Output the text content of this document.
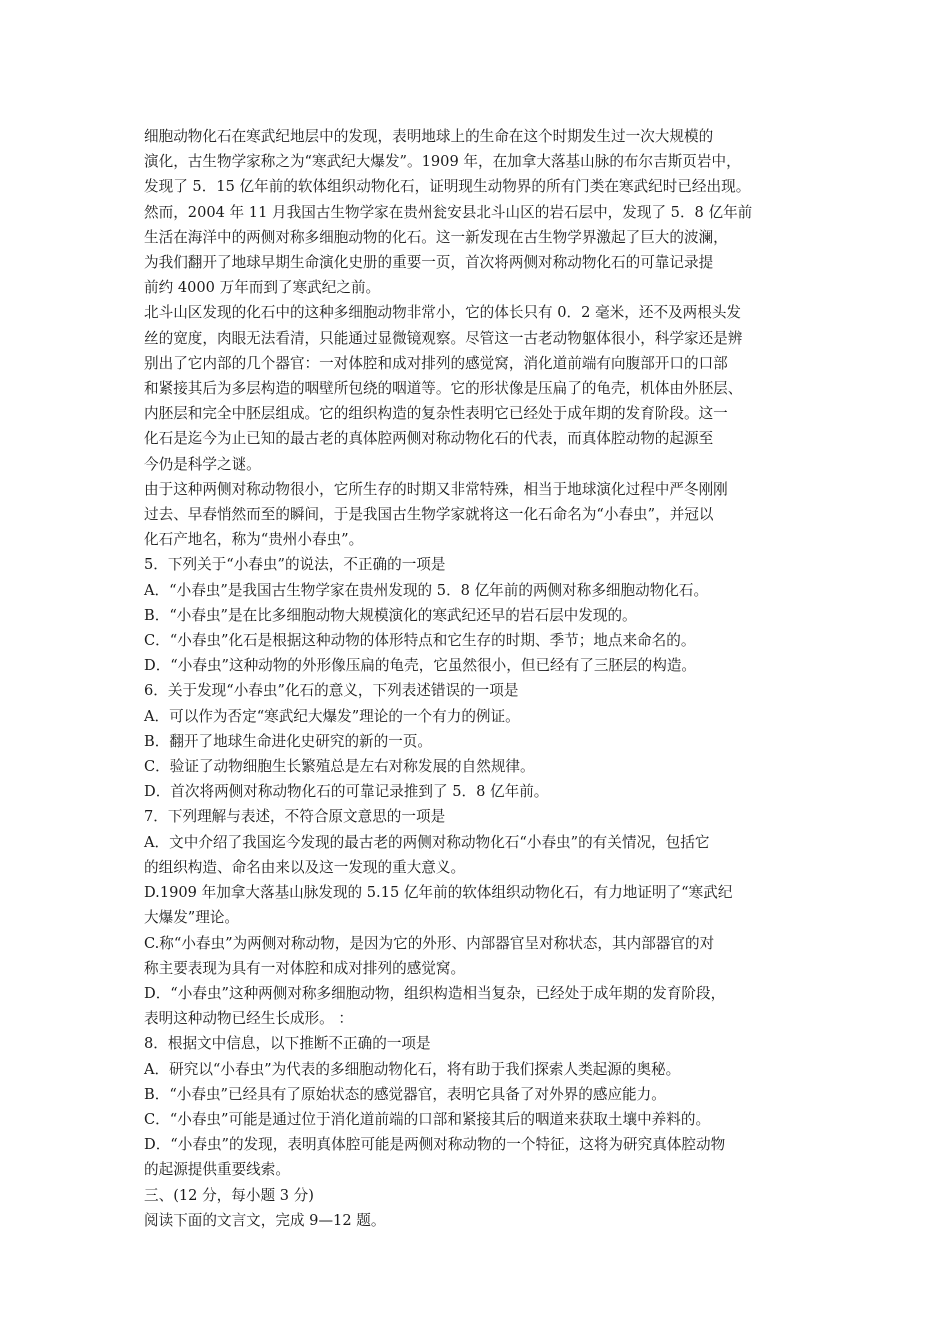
细胞动物化石在寒武纪地层中的发现，表明地球上的生命在这个时期发生过一次大规模的
演化，古生物学家称之为“寒武纪大爆发”。1909 年，在加拿大落基山脉的布尔吉斯页岩中，
发现了 5．15 亿年前的软体组织动物化石，证明现生动物界的所有门类在寒武纪时已经出现。
然而，2004 年 11 月我国古生物学家在贵州瓮安县北斗山区的岩石层中，发现了 5．8 亿年前
生活在海洋中的两侧对称多细胞动物的化石。这一新发现在古生物学界激起了巨大的波澜，
为我们翻开了地球早期生命演化史册的重要一页，首次将两侧对称动物化石的可靠记录提
前约 4000 万年而到了寒武纪之前。
北斗山区发现的化石中的这种多细胞动物非常小，它的体长只有 0．2 毫米，还不及两根头发
丝的宽度，肉眼无法看清，只能通过显微镜观察。尽管这一古老动物躯体很小，科学家还是辨
别出了它内部的几个器官：一对体腔和成对排列的感觉窝，消化道前端有向腹部开口的口部
和紧接其后为多层构造的咽壁所包绕的咽道等。它的形状像是压扁了的龟壳，机体由外胚层、
内胚层和完全中胚层组成。它的组织构造的复杂性表明它已经处于成年期的发育阶段。这一
化石是迄今为止已知的最古老的真体腔两侧对称动物化石的代表，而真体腔动物的起源至
今仍是科学之谜。
由于这种两侧对称动物很小，它所生存的时期又非常特殊，相当于地球演化过程中严冬刚刚
过去、早春悄然而至的瞬间，于是我国古生物学家就将这一化石命名为“小春虫”，并冠以
化石产地名，称为“贵州小春虫”。
5．下列关于“小春虫”的说法，不正确的一项是
A．“小春虫”是我国古生物学家在贵州发现的 5．8 亿年前的两侧对称多细胞动物化石。
B．“小春虫”是在比多细胞动物大规模演化的寒武纪还早的岩石层中发现的。
C．“小春虫”化石是根据这种动物的体形特点和它生存的时期、季节；地点来命名的。
D．“小春虫”这种动物的外形像压扁的龟壳，它虽然很小，但已经有了三胚层的构造。
6．关于发现“小春虫”化石的意义，下列表述错误的一项是
A．可以作为否定“寒武纪大爆发”理论的一个有力的例证。
B．翻开了地球生命进化史研究的新的一页。
C．验证了动物细胞生长繁殖总是左右对称发展的自然规律。
D．首次将两侧对称动物化石的可靠记录推到了 5．8 亿年前。
7．下列理解与表述，不符合原文意思的一项是
A．文中介绍了我国迄今发现的最古老的两侧对称动物化石“小春虫”的有关情况，包括它
的组织构造、命名由来以及这一发现的重大意义。
D.1909 年加拿大落基山脉发现的 5.15 亿年前的软体组织动物化石，有力地证明了“寒武纪
大爆发”理论。
C.称“小春虫”为两侧对称动物，是因为它的外形、内部器官呈对称状态，其内部器官的对
称主要表现为具有一对体腔和成对排列的感觉窝。
D．“小春虫”这种两侧对称多细胞动物，组织构造相当复杂，已经处于成年期的发育阶段，
表明这种动物已经生长成形。 ：
8．根据文中信息，以下推断不正确的一项是
A．研究以“小春虫”为代表的多细胞动物化石，将有助于我们探索人类起源的奥秘。
B．“小春虫”已经具有了原始状态的感觉器官，表明它具备了对外界的感应能力。
C．“小春虫”可能是通过位于消化道前端的口部和紧接其后的咽道来获取土壤中养料的。
D．“小春虫”的发现，表明真体腔可能是两侧对称动物的一个特征，这将为研究真体腔动物
的起源提供重要线索。
三、(12 分，每小题 3 分)
阅读下面的文言文，完成 9—12 题。
